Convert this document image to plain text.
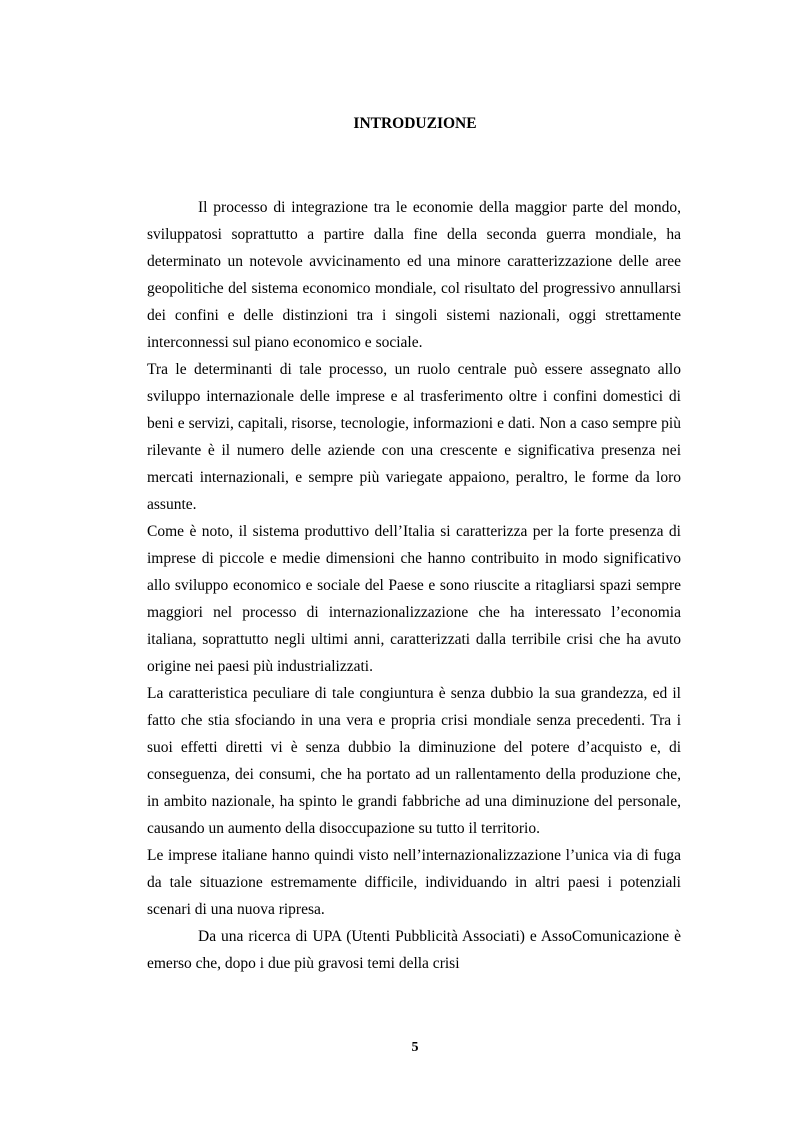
INTRODUZIONE

Il processo di integrazione tra le economie della maggior parte del mondo, sviluppatosi soprattutto a partire dalla fine della seconda guerra mondiale, ha determinato un notevole avvicinamento ed una minore caratterizzazione delle aree geopolitiche del sistema economico mondiale, col risultato del progressivo annullarsi dei confini e delle distinzioni tra i singoli sistemi nazionali, oggi strettamente interconnessi sul piano economico e sociale.

Tra le determinanti di tale processo, un ruolo centrale può essere assegnato allo sviluppo internazionale delle imprese e al trasferimento oltre i confini domestici di beni e servizi, capitali, risorse, tecnologie, informazioni e dati. Non a caso sempre più rilevante è il numero delle aziende con una crescente e significativa presenza nei mercati internazionali, e sempre più variegate appaiono, peraltro, le forme da loro assunte.

Come è noto, il sistema produttivo dell’Italia si caratterizza per la forte presenza di imprese di piccole e medie dimensioni che hanno contribuito in modo significativo allo sviluppo economico e sociale del Paese e sono riuscite a ritagliarsi spazi sempre maggiori nel processo di internazionalizzazione che ha interessato l’economia italiana, soprattutto negli ultimi anni, caratterizzati dalla terribile crisi che ha avuto origine nei paesi più industrializzati.

La caratteristica peculiare di tale congiuntura è senza dubbio la sua grandezza, ed il fatto che stia sfociando in una vera e propria crisi mondiale senza precedenti. Tra i suoi effetti diretti vi è senza dubbio la diminuzione del potere d’acquisto e, di conseguenza, dei consumi, che ha portato ad un rallentamento della produzione che, in ambito nazionale, ha spinto le grandi fabbriche ad una diminuzione del personale, causando un aumento della disoccupazione su tutto il territorio.

Le imprese italiane hanno quindi visto nell’internazionalizzazione l’unica via di fuga da tale situazione estremamente difficile, individuando in altri paesi i potenziali scenari di una nuova ripresa.

Da una ricerca di UPA (Utenti Pubblicità Associati) e AssoComunicazione è emerso che, dopo i due più gravosi temi della crisi

5
